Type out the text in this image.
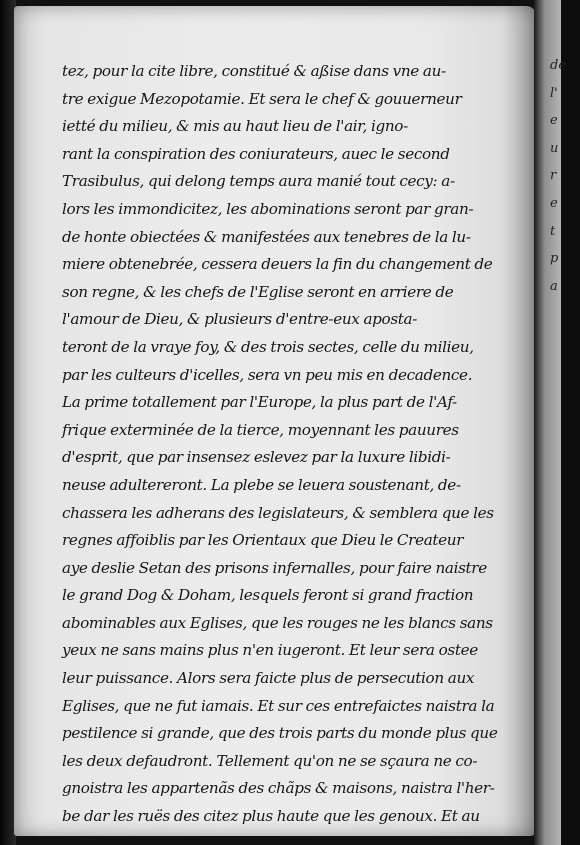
tez, pour la cite libre, constitué & aßise dans vne au-
tre exigue Mezopotamie. Et sera le chef & gouuerneur
ietté du milieu, & mis au haut lieu de l'air, igno-
rant la conspiration des coniurateurs, auec le second
Trasibulus, qui delong temps aura manié tout cecy: a-
lors les immondicitez, les abominations seront par gran-
de honte obiectées & manifestées aux tenebres de la lu-
miere obtenebrée, cessera deuers la fin du changement de
son regne, & les chefs de l'Eglise seront en arriere de
l'amour de Dieu, & plusieurs d'entre-eux aposta-
teront de la vraye foy, & des trois sectes, celle du milieu,
par les culteurs d'icelles, sera vn peu mis en decadence.
La prime totallement par l'Europe, la plus part de l'Af-
frique exterminée de la tierce, moyennant les pauures
d'esprit, que par insensez eslevez par la luxure libidi-
neuse adultereront. La plebe se leuera soustenant, de-
chassera les adherans des legislateurs, & semblera que les
regnes affoiblis par les Orientaux que Dieu le Createur
aye deslie Setan des prisons infernalles, pour faire naistre
le grand Dog & Doham, lesquels feront si grand fraction
abominables aux Eglises, que les rouges ne les blancs sans
yeux ne sans mains plus n'en iugeront. Et leur sera ostee
leur puissance. Alors sera faicte plus de persecution aux
Eglises, que ne fut iamais. Et sur ces entrefaictes naistra la
pestilence si grande, que des trois parts du monde plus que
les deux defaudront. Tellement qu'on ne se sçaura ne co-
gnoistra les appartenãs des chãps & maisons, naistra l'her-
be dar les ruës des citez plus haute que les genoux. Et au
de
l'
e
u
r
e
t
p
a
